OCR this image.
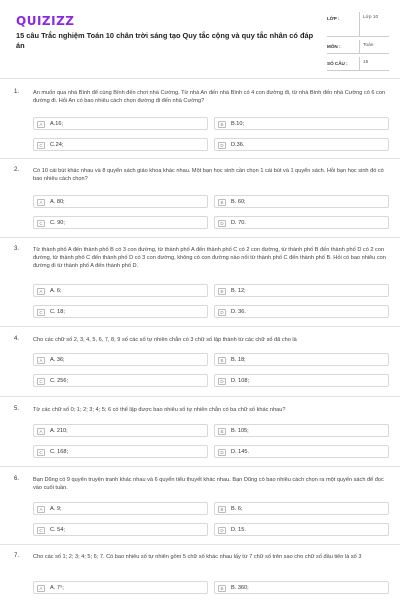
QUIZIZZ
15 câu Trắc nghiệm Toán 10 chân trời sáng tạo Quy tắc cộng và quy tắc nhân có đáp án
LỚP :	Lớp 10
MÔN :	Toán
SỐ CÂU :	15
1. An muốn qua nhà Bình để cùng Bình đến chơi nhà Cường. Từ nhà An đến nhà Bình có 4 con đường đi, từ nhà Bình đến nhà Cường có 6 con đường đi. Hỏi An có bao nhiêu cách chọn đường đi đến nhà Cường?
A	A.16;	B	B.10;
C	C.24;	D	D.36.
2. Có 10 cái bút khác nhau và 8 quyển sách giáo khoa khác nhau. Một bạn học sinh cần chọn 1 cái bút và 1 quyển sách. Hỏi bạn học sinh đó có bao nhiêu cách chọn?
A	A. 80;	B	B. 60;
C	C. 90;	D	D. 70.
3. Từ thành phố A đến thành phố B có 3 con đường, từ thành phố A đến thành phố C có 2 con đường, từ thành phố B đến thành phố D có 2 con đường, từ thành phố C đến thành phố D có 3 con đường, không có con đường nào nối từ thành phố C đến thành phố B. Hỏi có bao nhiêu con đường đi từ thành phố A đến thành phố D.
A	A. 6;	B	B. 12;
C	C. 18;	D	D. 36.
4. Cho các chữ số 2, 3, 4, 5, 6, 7, 8, 9 số các số tự nhiên chẵn có 3 chữ số lập thành từ các chữ số đã cho là
A	A. 36;	B	B. 18;
C	C. 256;	D	D. 108;
5. Từ các chữ số 0; 1; 2; 3; 4; 5; 6 có thể lập được bao nhiêu số tự nhiên chẵn có ba chữ số khác nhau?
A	A. 210;	B	B. 105;
C	C. 168;	D	D. 145.
6. Bạn Dũng có 9 quyển truyện tranh khác nhau và 6 quyển tiểu thuyết khác nhau. Bạn Dũng có bao nhiêu cách chọn ra một quyển sách để đọc vào cuối tuần.
A	A. 9;	B	B. 6;
C	C. 54;	D	D. 15.
7. Cho các số 1; 2; 3; 4; 5; 6; 7. Có bao nhiêu số tự nhiên gồm 5 chữ số khác nhau lấy từ 7 chữ số trên sao cho chữ số đầu tiên là số 3
A	A. 7⁵;	B	B. 360;
